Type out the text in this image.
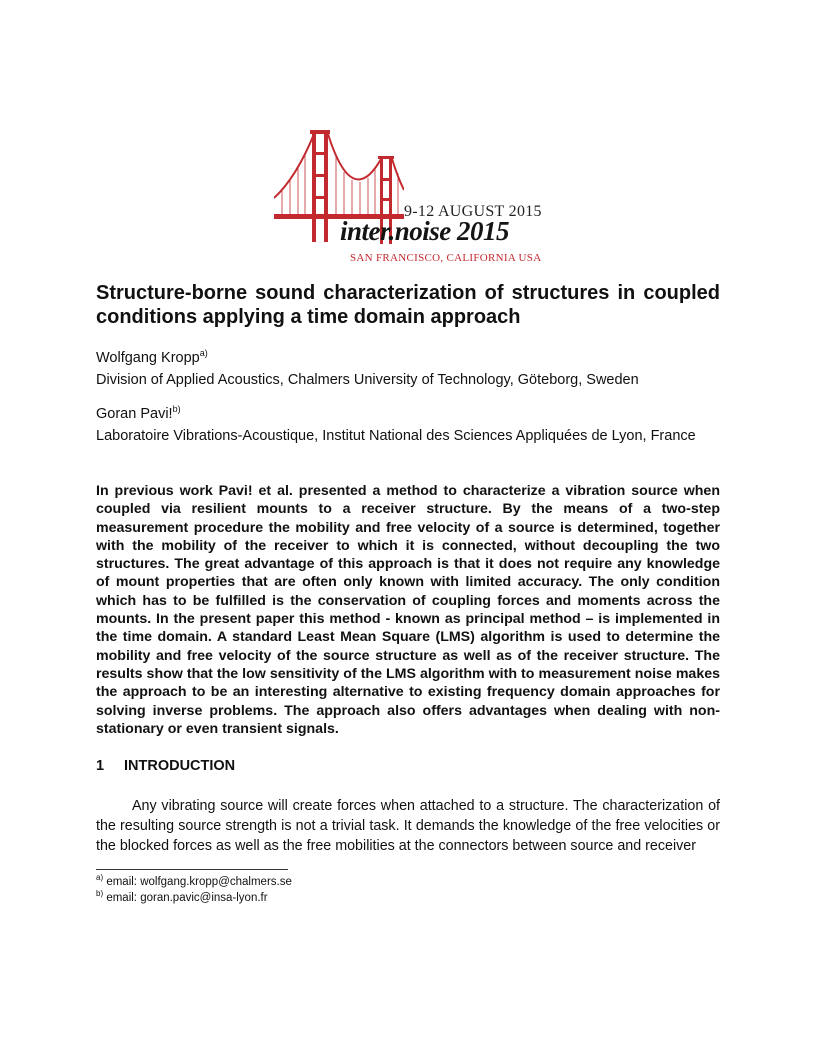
9-12 AUGUST 2015
inter.noise 2015
SAN FRANCISCO, CALIFORNIA USA
Structure-borne sound characterization of structures in coupled conditions applying a time domain approach
Wolfgang Kropp$^{a)}$
Division of Applied Acoustics, Chalmers University of Technology, Göteborg, Sweden
Goran Pavi!$^{b)}$
Laboratoire Vibrations-Acoustique, Institut National des Sciences Appliquées de Lyon, France

In previous work Pavi! et al. presented a method to characterize a vibration source when coupled via resilient mounts to a receiver structure. By the means of a two-step measurement procedure the mobility and free velocity of a source is determined, together with the mobility of the receiver to which it is connected, without decoupling the two structures. The great advantage of this approach is that it does not require any knowledge of mount properties that are often only known with limited accuracy. The only condition which has to be fulfilled is the conservation of coupling forces and moments across the mounts. In the present paper this method - known as principal method – is implemented in the time domain. A standard Least Mean Square (LMS) algorithm is used to determine the mobility and free velocity of the source structure as well as of the receiver structure. The results show that the low sensitivity of the LMS algorithm with to measurement noise makes the approach to be an interesting alternative to existing frequency domain approaches for solving inverse problems. The approach also offers advantages when dealing with non-stationary or even transient signals.

1 INTRODUCTION

Any vibrating source will create forces when attached to a structure. The characterization of the resulting source strength is not a trivial task. It demands the knowledge of the free velocities or the blocked forces as well as the free mobilities at the connectors between source and receiver

$^{a)}$ email: wolfgang.kropp@chalmers.se
$^{b)}$ email: goran.pavic@insa-lyon.fr
